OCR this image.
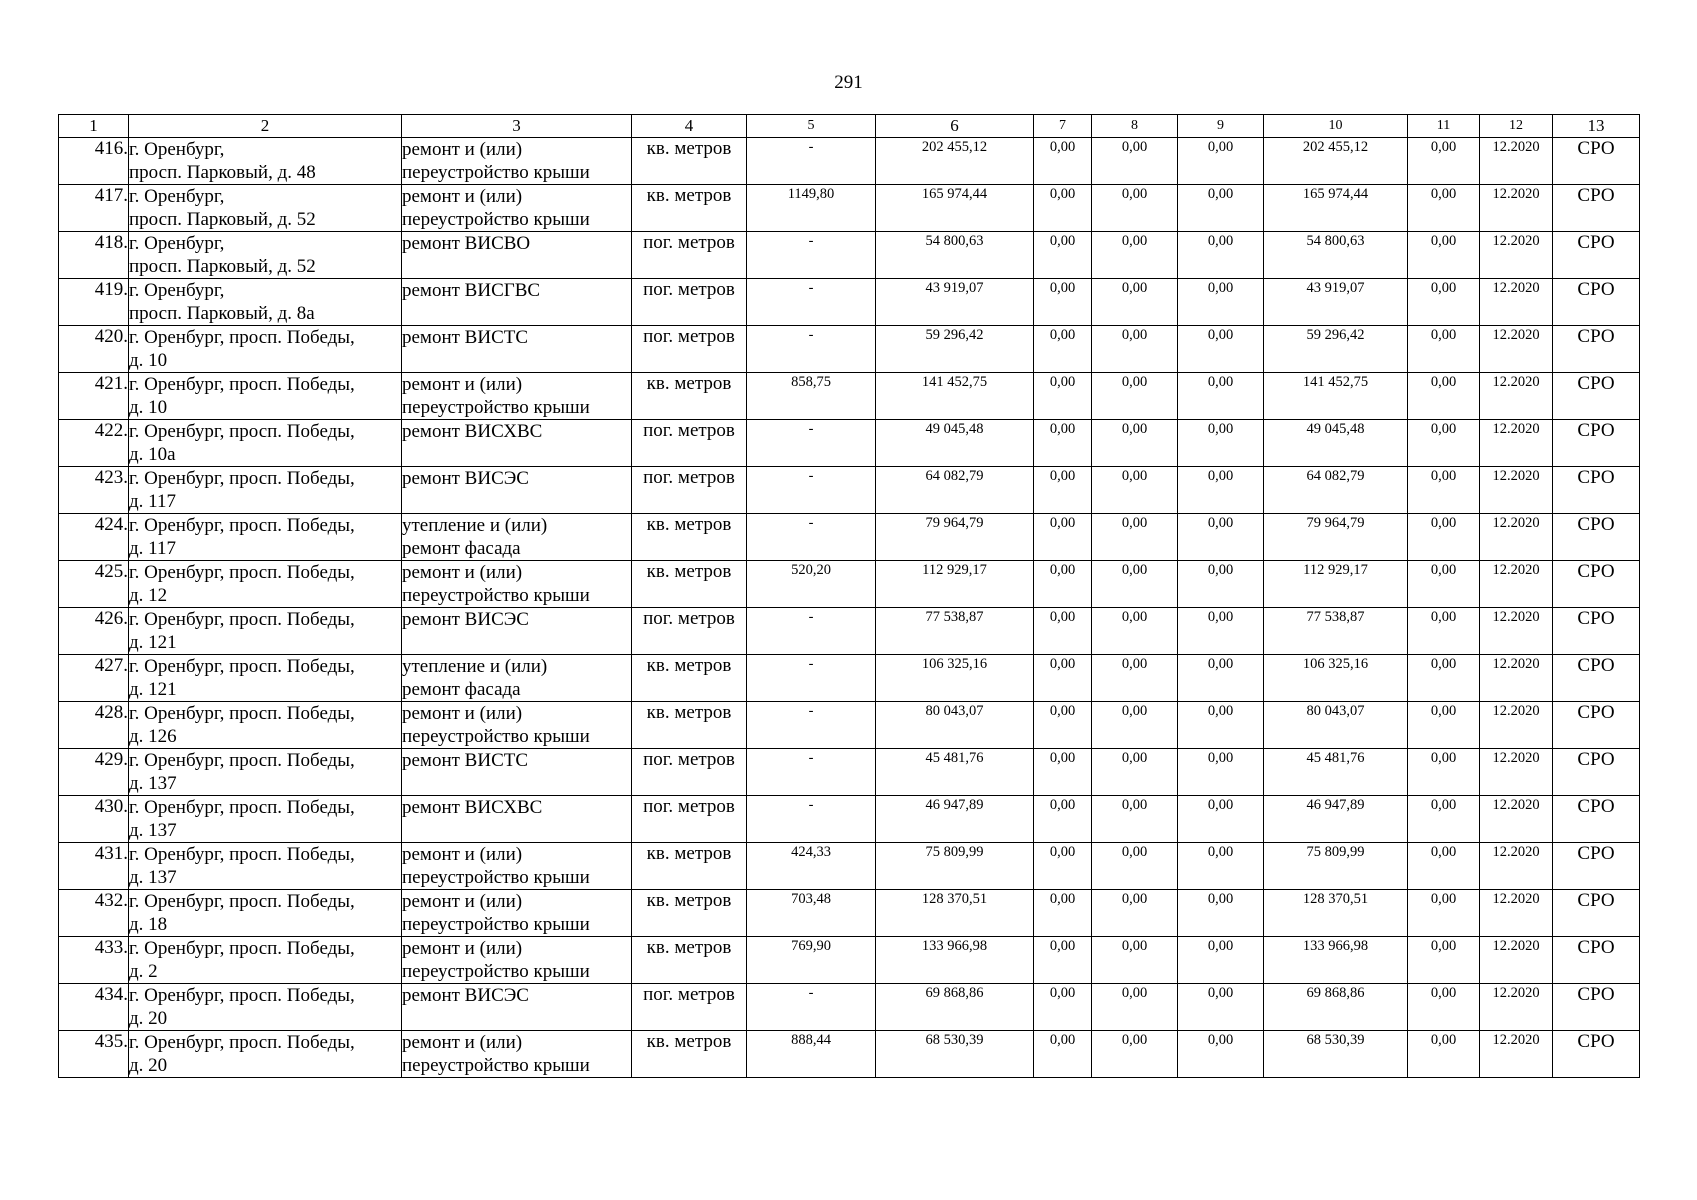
291
1	2	3	4	5	6	7	8	9	10	11	12	13
416.	г. Оренбург,
просп. Парковый, д. 48	ремонт и (или)
переустройство крыши	кв. метров	-	202 455,12	0,00	0,00	0,00	202 455,12	0,00	12.2020	СРО
417.	г. Оренбург,
просп. Парковый, д. 52	ремонт и (или)
переустройство крыши	кв. метров	1149,80	165 974,44	0,00	0,00	0,00	165 974,44	0,00	12.2020	СРО
418.	г. Оренбург,
просп. Парковый, д. 52	ремонт ВИСВО	пог. метров	-	54 800,63	0,00	0,00	0,00	54 800,63	0,00	12.2020	СРО
419.	г. Оренбург,
просп. Парковый, д. 8а	ремонт ВИСГВС	пог. метров	-	43 919,07	0,00	0,00	0,00	43 919,07	0,00	12.2020	СРО
420.	г. Оренбург, просп. Победы,
д. 10	ремонт ВИСТС	пог. метров	-	59 296,42	0,00	0,00	0,00	59 296,42	0,00	12.2020	СРО
421.	г. Оренбург, просп. Победы,
д. 10	ремонт и (или)
переустройство крыши	кв. метров	858,75	141 452,75	0,00	0,00	0,00	141 452,75	0,00	12.2020	СРО
422.	г. Оренбург, просп. Победы,
д. 10а	ремонт ВИСХВС	пог. метров	-	49 045,48	0,00	0,00	0,00	49 045,48	0,00	12.2020	СРО
423.	г. Оренбург, просп. Победы,
д. 117	ремонт ВИСЭС	пог. метров	-	64 082,79	0,00	0,00	0,00	64 082,79	0,00	12.2020	СРО
424.	г. Оренбург, просп. Победы,
д. 117	утепление и (или)
ремонт фасада	кв. метров	-	79 964,79	0,00	0,00	0,00	79 964,79	0,00	12.2020	СРО
425.	г. Оренбург, просп. Победы,
д. 12	ремонт и (или)
переустройство крыши	кв. метров	520,20	112 929,17	0,00	0,00	0,00	112 929,17	0,00	12.2020	СРО
426.	г. Оренбург, просп. Победы,
д. 121	ремонт ВИСЭС	пог. метров	-	77 538,87	0,00	0,00	0,00	77 538,87	0,00	12.2020	СРО
427.	г. Оренбург, просп. Победы,
д. 121	утепление и (или)
ремонт фасада	кв. метров	-	106 325,16	0,00	0,00	0,00	106 325,16	0,00	12.2020	СРО
428.	г. Оренбург, просп. Победы,
д. 126	ремонт и (или)
переустройство крыши	кв. метров	-	80 043,07	0,00	0,00	0,00	80 043,07	0,00	12.2020	СРО
429.	г. Оренбург, просп. Победы,
д. 137	ремонт ВИСТС	пог. метров	-	45 481,76	0,00	0,00	0,00	45 481,76	0,00	12.2020	СРО
430.	г. Оренбург, просп. Победы,
д. 137	ремонт ВИСХВС	пог. метров	-	46 947,89	0,00	0,00	0,00	46 947,89	0,00	12.2020	СРО
431.	г. Оренбург, просп. Победы,
д. 137	ремонт и (или)
переустройство крыши	кв. метров	424,33	75 809,99	0,00	0,00	0,00	75 809,99	0,00	12.2020	СРО
432.	г. Оренбург, просп. Победы,
д. 18	ремонт и (или)
переустройство крыши	кв. метров	703,48	128 370,51	0,00	0,00	0,00	128 370,51	0,00	12.2020	СРО
433.	г. Оренбург, просп. Победы,
д. 2	ремонт и (или)
переустройство крыши	кв. метров	769,90	133 966,98	0,00	0,00	0,00	133 966,98	0,00	12.2020	СРО
434.	г. Оренбург, просп. Победы,
д. 20	ремонт ВИСЭС	пог. метров	-	69 868,86	0,00	0,00	0,00	69 868,86	0,00	12.2020	СРО
435.	г. Оренбург, просп. Победы,
д. 20	ремонт и (или)
переустройство крыши	кв. метров	888,44	68 530,39	0,00	0,00	0,00	68 530,39	0,00	12.2020	СРО
